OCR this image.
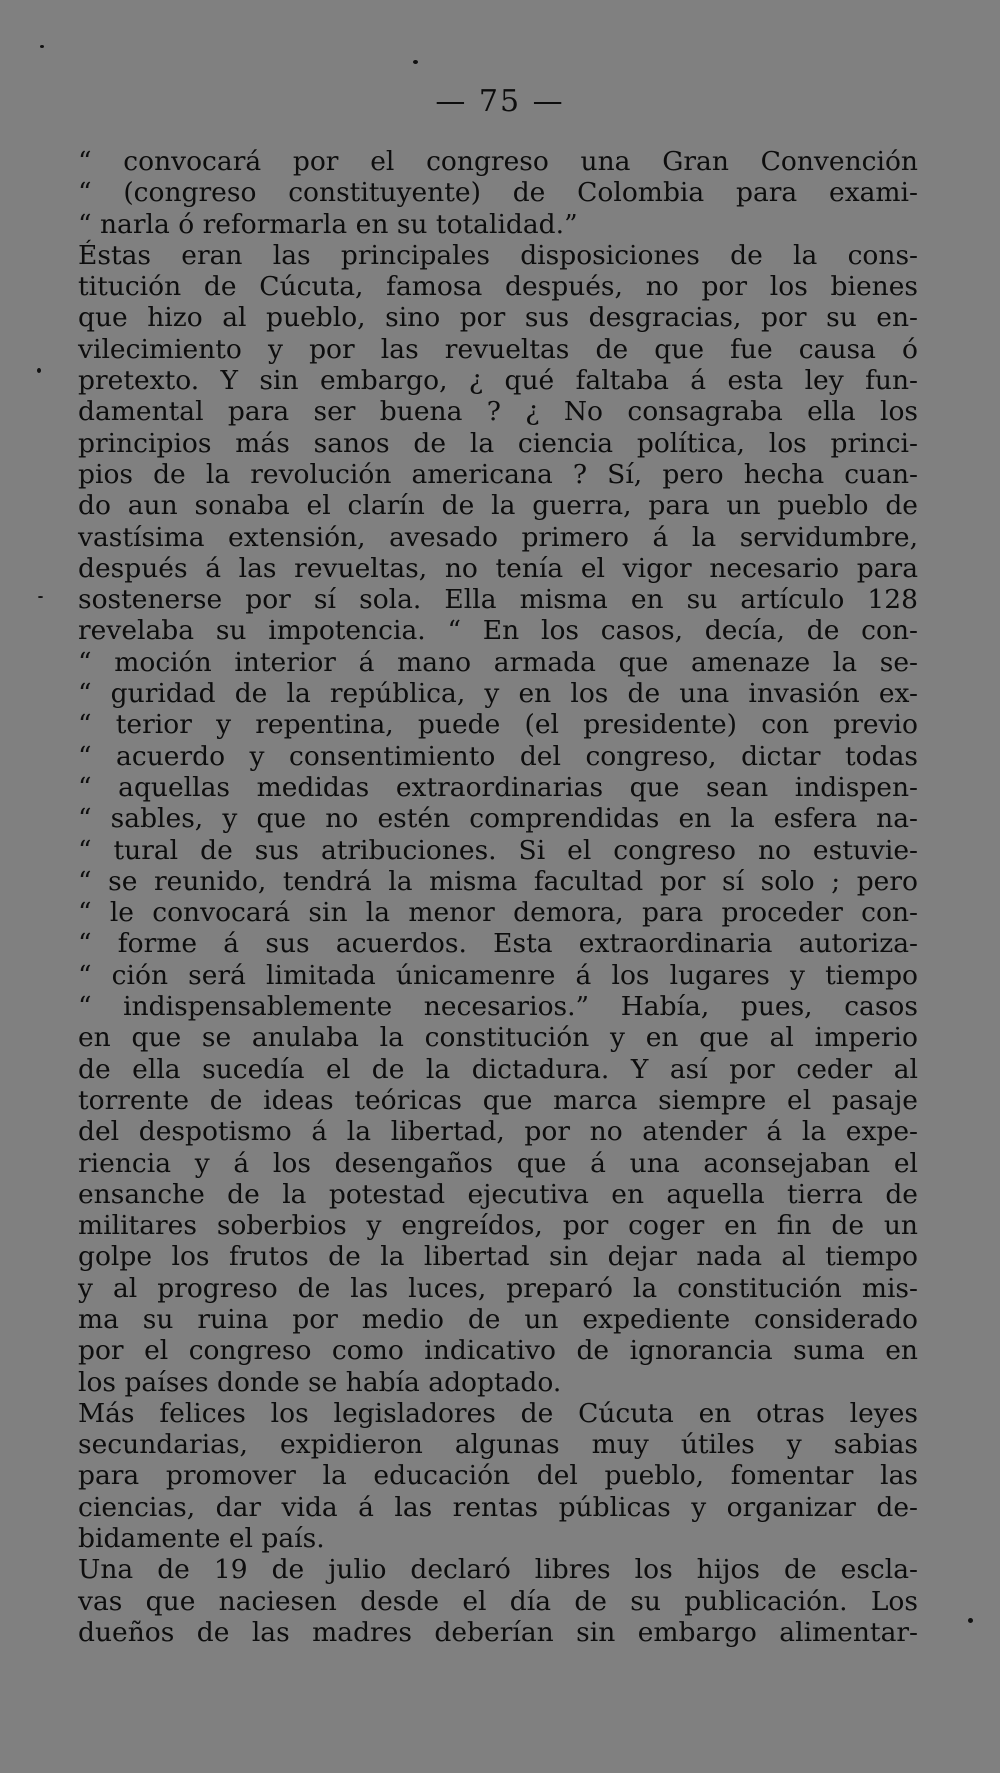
— 75 —
“ convocará por el congreso una Gran Convención
“ (congreso constituyente) de Colombia para exami-
“ narla ó reformarla en su totalidad.”
Éstas eran las principales disposiciones de la cons-
titución de Cúcuta, famosa después, no por los bienes
que hizo al pueblo, sino por sus desgracias, por su en-
vilecimiento y por las revueltas de que fue causa ó
pretexto. Y sin embargo, ¿ qué faltaba á esta ley fun-
damental para ser buena ? ¿ No consagraba ella los
principios más sanos de la ciencia política, los princi-
pios de la revolución americana ? Sí, pero hecha cuan-
do aun sonaba el clarín de la guerra, para un pueblo de
vastísima extensión, avesado primero á la servidumbre,
después á las revueltas, no tenía el vigor necesario para
sostenerse por sí sola. Ella misma en su artículo 128
revelaba su impotencia. “ En los casos, decía, de con-
“ moción interior á mano armada que amenaze la se-
“ guridad de la república, y en los de una invasión ex-
“ terior y repentina, puede (el presidente) con previo
“ acuerdo y consentimiento del congreso, dictar todas
“ aquellas medidas extraordinarias que sean indispen-
“ sables, y que no estén comprendidas en la esfera na-
“ tural de sus atribuciones. Si el congreso no estuvie-
“ se reunido, tendrá la misma facultad por sí solo ; pero
“ le convocará sin la menor demora, para proceder con-
“ forme á sus acuerdos. Esta extraordinaria autoriza-
“ ción será limitada únicamenre á los lugares y tiempo
“ indispensablemente necesarios.” Había, pues, casos
en que se anulaba la constitución y en que al imperio
de ella sucedía el de la dictadura. Y así por ceder al
torrente de ideas teóricas que marca siempre el pasaje
del despotismo á la libertad, por no atender á la expe-
riencia y á los desengaños que á una aconsejaban el
ensanche de la potestad ejecutiva en aquella tierra de
militares soberbios y engreídos, por coger en fin de un
golpe los frutos de la libertad sin dejar nada al tiempo
y al progreso de las luces, preparó la constitución mis-
ma su ruina por medio de un expediente considerado
por el congreso como indicativo de ignorancia suma en
los países donde se había adoptado.
Más felices los legisladores de Cúcuta en otras leyes
secundarias, expidieron algunas muy útiles y sabias
para promover la educación del pueblo, fomentar las
ciencias, dar vida á las rentas públicas y organizar de-
bidamente el país.
Una de 19 de julio declaró libres los hijos de escla-
vas que naciesen desde el día de su publicación. Los
dueños de las madres deberían sin embargo alimentar-
